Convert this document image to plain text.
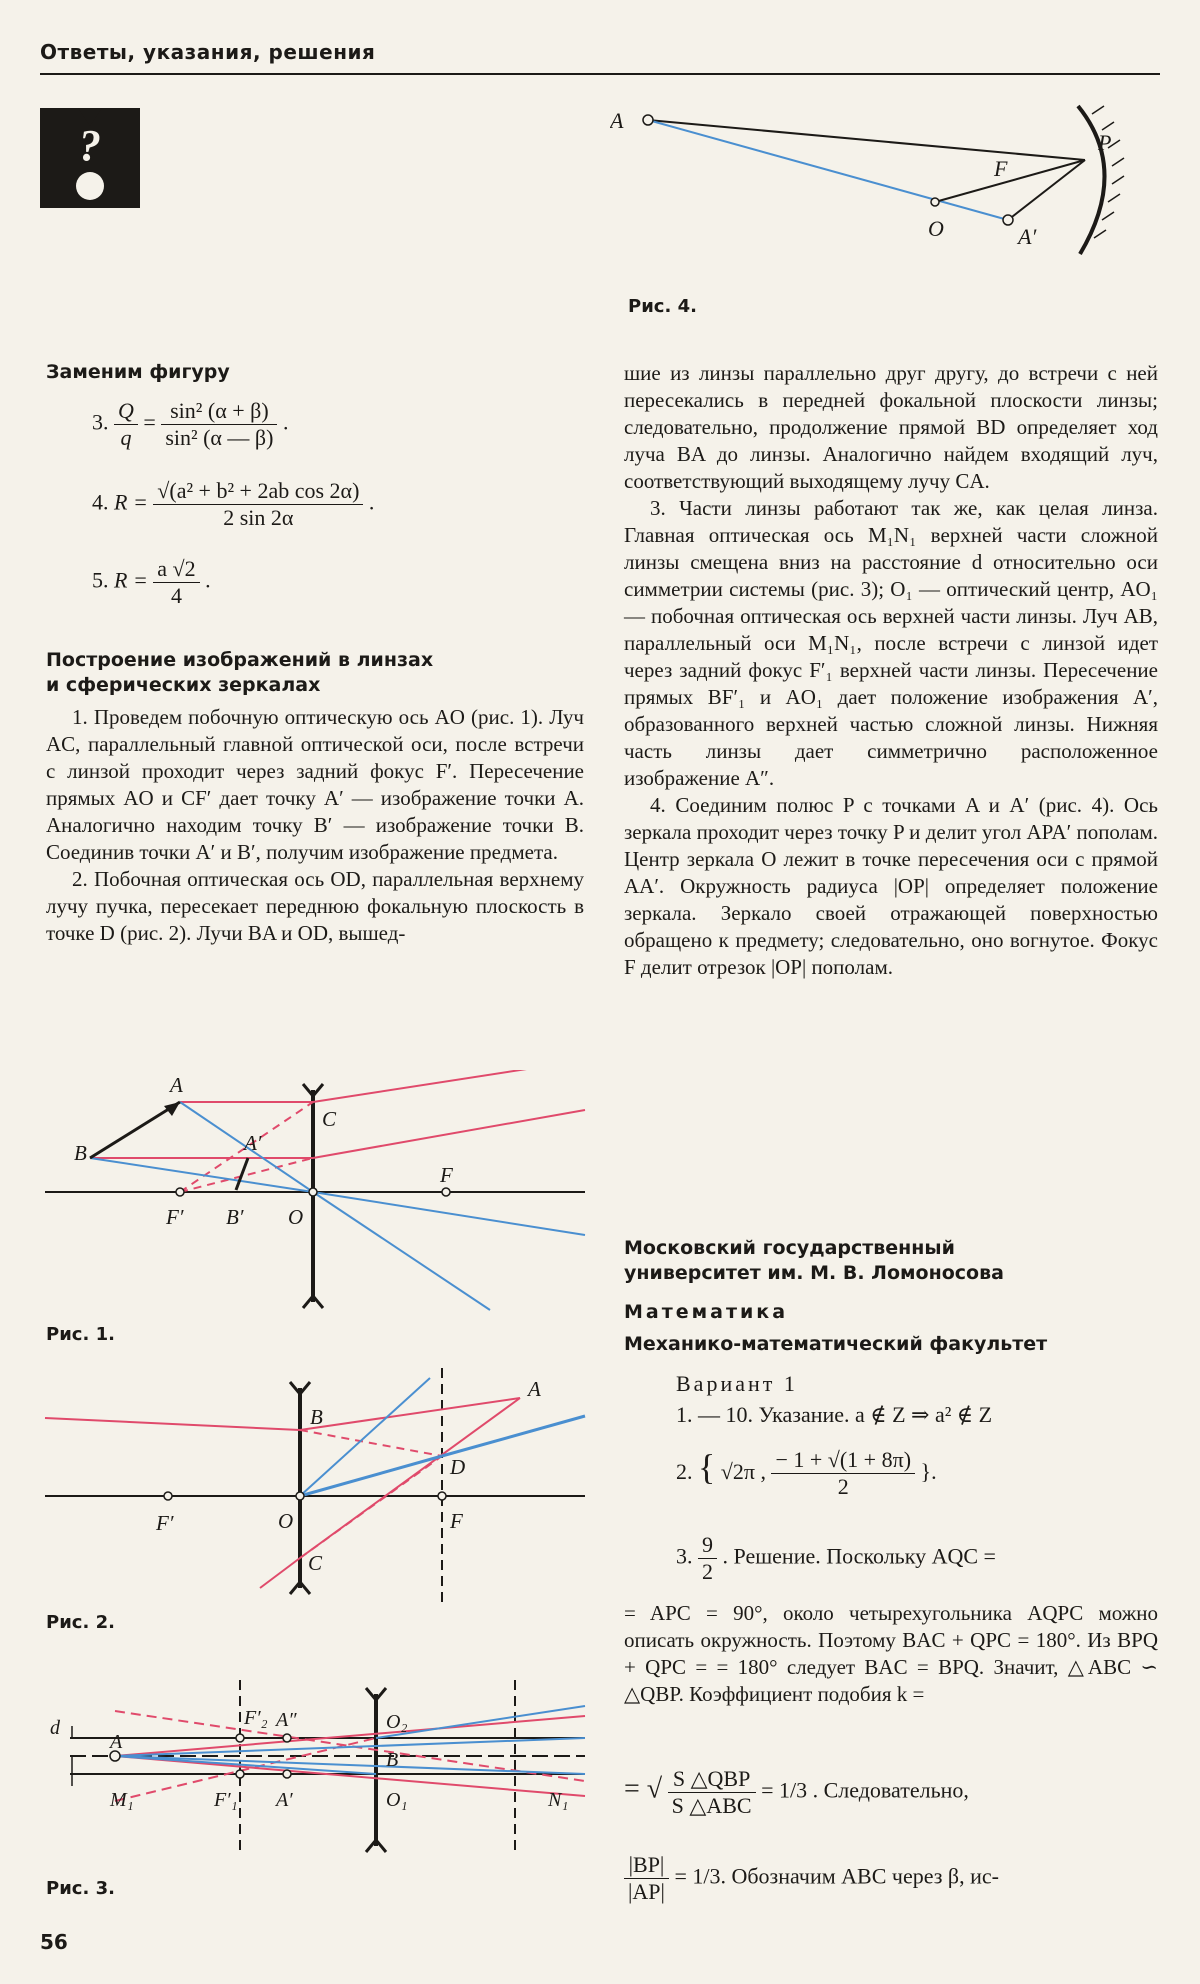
Ответы, указания, решения
?
Заменим фигуру
3. $\frac{Q}{q} = \frac{\text{sin² (α + β)}}{\text{sin² (α — β)}}$ .
4. $R = \frac{\text{√(a² + b² + 2ab cos 2α)}}{2 \sin 2\alpha}$ .
5. $R = \frac{a √2}{4}$ .
Построение изображений в линзах
и сферических зеркалах

1. Проведем побочную оптическую ось AO (рис. 1). Луч AC, параллельный главной оптической оси, после встречи с линзой проходит через задний фокус F′. Пересечение прямых AO и CF′ дает точку A′ — изображение точки A. Аналогично находим точку B′ — изображение точки B. Соединив точки A′ и B′, получим изображение предмета.

2. Побочная оптическая ось OD, параллельная верхнему лучу пучка, пересекает переднюю фокальную плоскость в точке D (рис. 2). Лучи BA и OD, вышед-

A
B	A′
C
F′ B′ O
F
Рис. 1.
A
B
D
F′	O	F
C
Рис. 2.
d
A
M₁	F′₁
A″
A′
O₂
B
O₁	N₁
F′₂
Рис. 3.
56
A
F
P
O	A′
Рис. 4.

шие из линзы параллельно друг другу, до встречи с ней пересекались в передней фокальной плоскости линзы; следовательно, продолжение прямой BD определяет ход луча BA до линзы. Аналогично найдем входящий луч, соответствующий выходящему лучу CA.

3. Части линзы работают так же, как целая линза. Главная оптическая ось M₁N₁ верхней части сложной линзы смещена вниз на расстояние d относительно оси симметрии системы (рис. 3); O₁ — оптический центр, AO₁ — побочная оптическая ось верхней части линзы. Луч AB, параллельный оси M₁N₁, после встречи с линзой идет через задний фокус F′₁ верхней части линзы. Пересечение прямых BF′₁ и AO₁ дает положение изображения A′, образованного верхней частью сложной линзы. Нижняя часть линзы дает симметрично расположенное изображение A″.

4. Соединим полюс P с точками A и A′ (рис. 4). Ось зеркала проходит через точку P и делит угол APA′ пополам. Центр зеркала O лежит в точке пересечения оси с прямой AA′. Окружность радиуса |OP| определяет положение зеркала. Зеркало своей отражающей поверхностью обращено к предмету; следовательно, оно вогнутое. Фокус F делит отрезок |OP| пополам.

Московский государственный
университет им. М. В. Ломоносова
Математика
Механико-математический факультет
Вариант 1
1. — 10. Указание. a ∉ Z ⇒ a² ∉ Z
2. { √2π , $\frac{- 1 + √(1 + 8\pi)}{2}$ }.
3. $\frac{9}{2}$ . Решение. Поскольку AQC =
= APC = 90°, около четырехугольника AQPC можно описать окружность. Поэтому BAC + QPC = 180°. Из BPQ + QPC = = 180° следует BAC = BPQ. Значит, △ABC ∽ △QBP. Коэффициент подобия k =
= √ $\frac{\text{S △QBP}}{\text{S △ABC}} = 1/3$ . Следовательно,
$\frac{|BP|}{|AP|} = 1/3$. Обозначим ABC через β, ис-
